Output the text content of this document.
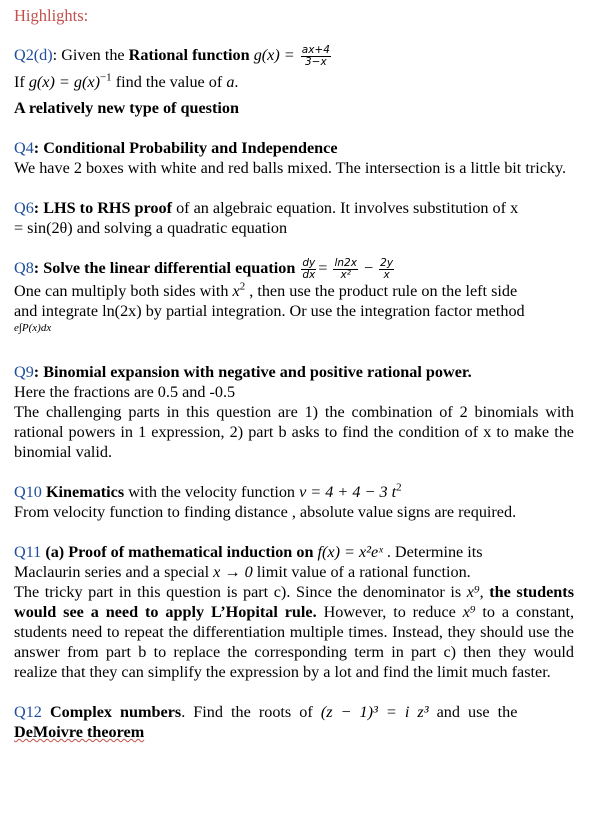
Highlights:

Q2(d): Given the Rational function $g(x) = \frac{ax+4}{3-x}$

If $g(x) = g(x)^{-1}$ find the value of a.

A relatively new type of question

Q4: Conditional Probability and Independence

We have 2 boxes with white and red balls mixed. The intersection is a little bit tricky.

Q6: LHS to RHS proof of an algebraic equation. It involves substitution of x

= sin(2θ) and solving a quadratic equation

Q8: Solve the linear differential equation $\frac{dy}{dx} = \frac{\ln 2x}{\text{x²}} - \frac{2y}{x}$

One can multiply both sides with $x^2$ , then use the product rule on the left side

and integrate ln(2x) by partial integration. Or use the integration factor method

e∫P(x)dx

Q9: Binomial expansion with negative and positive rational power.

Here the fractions are 0.5 and -0.5

The challenging parts in this question are 1) the combination of 2 binomials with rational powers in 1 expression, 2) part b asks to find the condition of x to make the binomial valid.

Q10 Kinematics with the velocity function v = 4 + 4 − 3 $t^2$

From velocity function to finding distance , absolute value signs are required.

Q11 (a) Proof of mathematical induction on f(x) = x²eˣ . Determine its

Maclaurin series and a special x → 0 limit value of a rational function.

The tricky part in this question is part c). Since the denominator is x⁹, the students would see a need to apply L’Hopital rule. However, to reduce x⁹ to a constant, students need to repeat the differentiation multiple times. Instead, they should use the answer from part b to replace the corresponding term in part c) then they would realize that they can simplify the expression by a lot and find the limit much faster.

Q12 Complex numbers. Find the roots of (z − 1)³ = i z³ and use the

DeMoivre theorem
